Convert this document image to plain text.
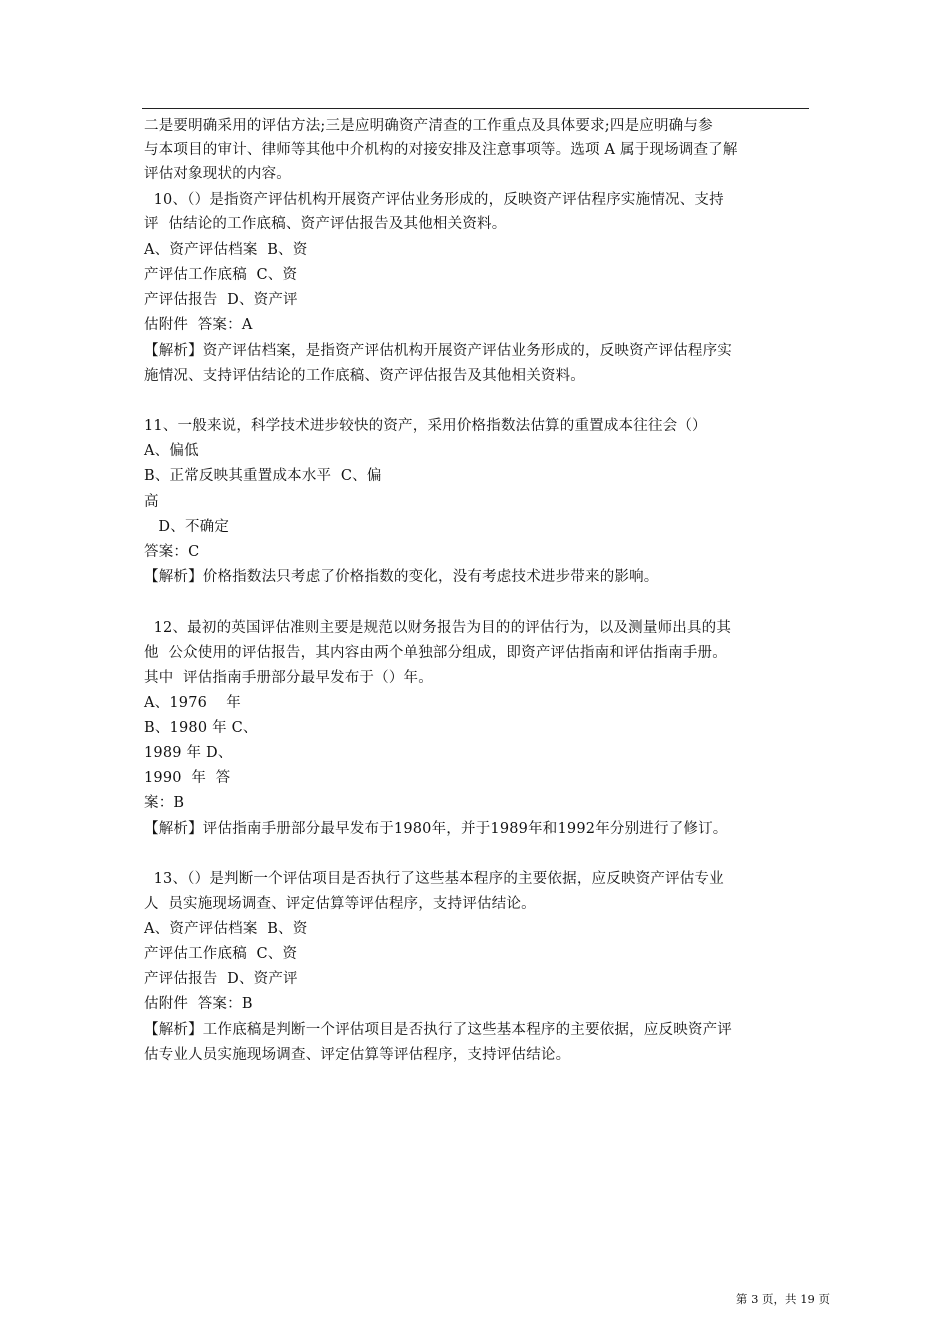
二是要明确采用的评估方法;三是应明确资产清查的工作重点及具体要求;四是应明确与参
与本项目的审计、律师等其他中介机构的对接安排及注意事项等。选项 A 属于现场调查了解
评估对象现状的内容。
10、（）是指资产评估机构开展资产评估业务形成的，反映资产评估程序实施情况、支持
评  估结论的工作底稿、资产评估报告及其他相关资料。
A、资产评估档案  B、资
产评估工作底稿  C、资
产评估报告  D、资产评
估附件  答案：A
【解析】资产评估档案，是指资产评估机构开展资产评估业务形成的，反映资产评估程序实
施情况、支持评估结论的工作底稿、资产评估报告及其他相关资料。
11、一般来说，科学技术进步较快的资产，采用价格指数法估算的重置成本往往会（）
A、偏低
B、正常反映其重置成本水平  C、偏
高
D、不确定
答案：C
【解析】价格指数法只考虑了价格指数的变化，没有考虑技术进步带来的影响。
12、最初的英国评估准则主要是规范以财务报告为目的的评估行为，以及测量师出具的其
他  公众使用的评估报告，其内容由两个单独部分组成，即资产评估指南和评估指南手册。
其中  评估指南手册部分最早发布于（）年。
A、1976    年
B、1980 年 C、
1989 年 D、
1990  年  答
案：B
【解析】评估指南手册部分最早发布于1980年，并于1989年和1992年分别进行了修订。
13、（）是判断一个评估项目是否执行了这些基本程序的主要依据，应反映资产评估专业
人  员实施现场调查、评定估算等评估程序，支持评估结论。
A、资产评估档案  B、资
产评估工作底稿  C、资
产评估报告  D、资产评
估附件  答案：B
【解析】工作底稿是判断一个评估项目是否执行了这些基本程序的主要依据，应反映资产评
估专业人员实施现场调查、评定估算等评估程序，支持评估结论。
第 3 页，共 19 页
